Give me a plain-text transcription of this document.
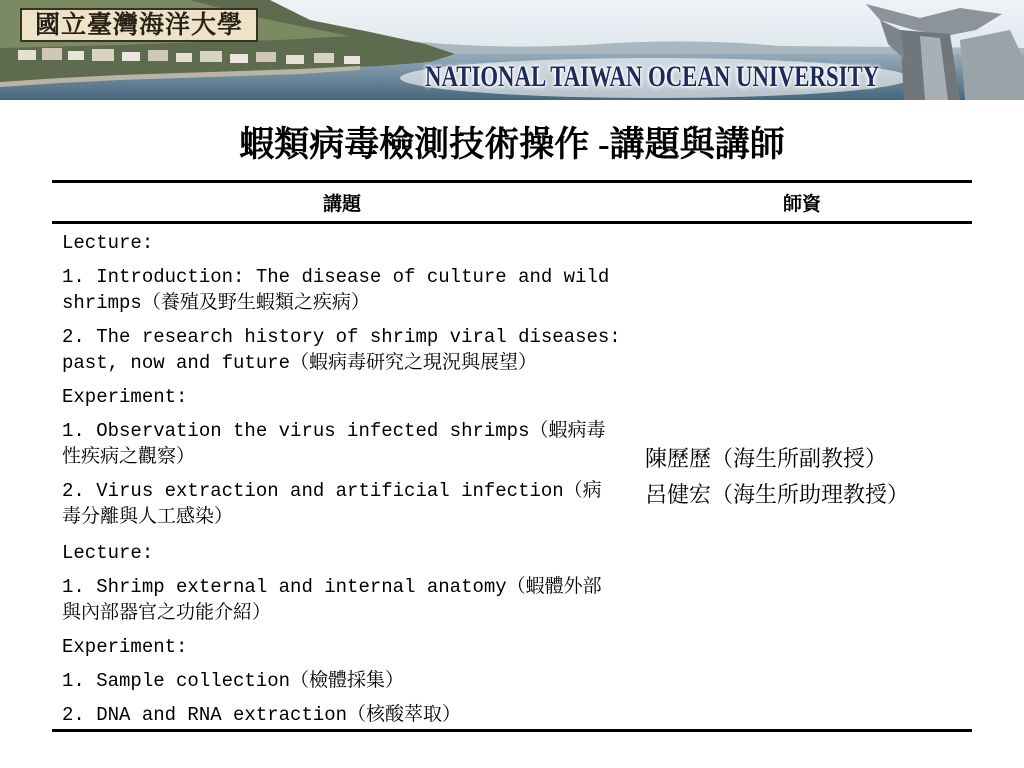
國立臺灣海洋大學
NATIONAL TAIWAN OCEAN UNIVERSITY
蝦類病毒檢測技術操作 -講題與講師
講題	師資
Lecture:
1. Introduction: The disease of culture and wild
shrimps（養殖及野生蝦類之疾病）
2. The research history of shrimp viral diseases:
past, now and future（蝦病毒研究之現況與展望）
Experiment:
1. Observation the virus infected shrimps（蝦病毒
性疾病之觀察）
2. Virus extraction and artificial infection（病
毒分離與人工感染）
Lecture:
1. Shrimp external and internal anatomy（蝦體外部
與內部器官之功能介紹）
Experiment:
1. Sample collection（檢體採集）
2. DNA and RNA extraction（核酸萃取）
陳歷歷（海生所副教授）
呂健宏（海生所助理教授）
